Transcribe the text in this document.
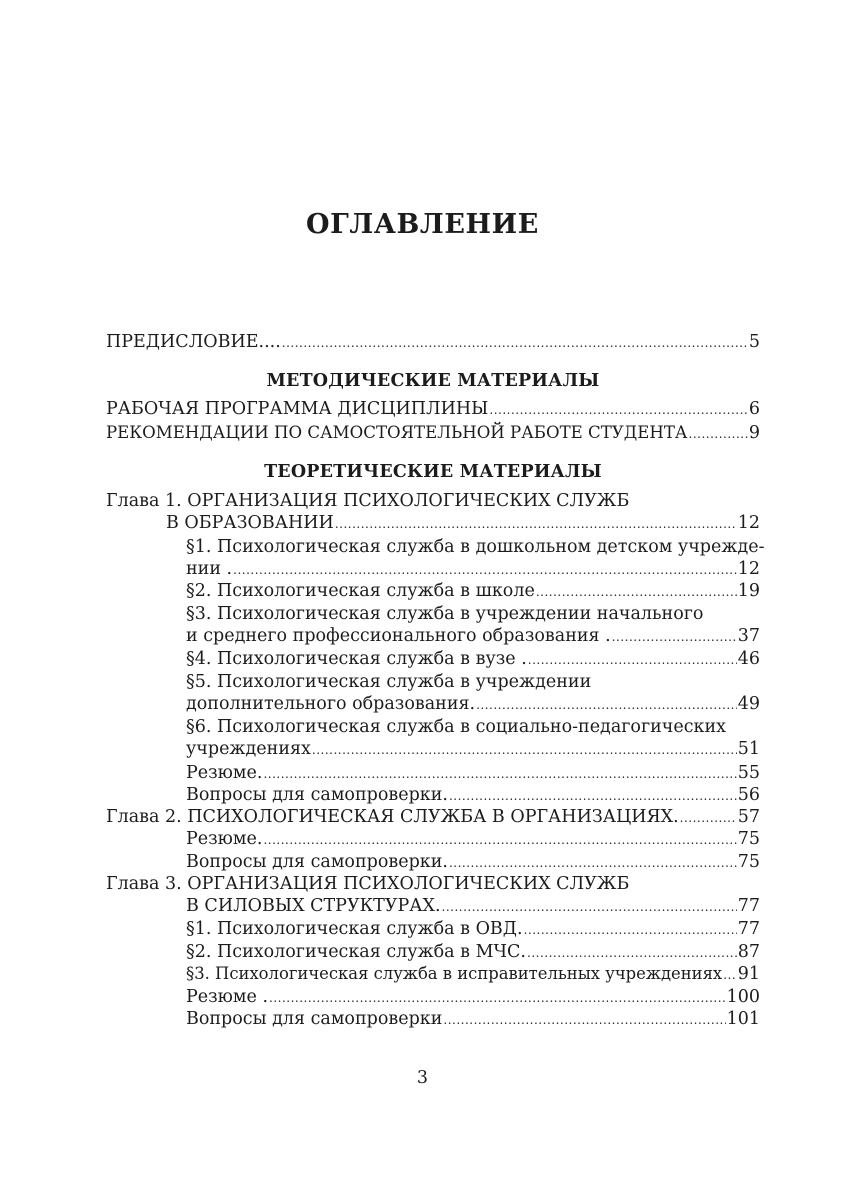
ОГЛАВЛЕНИЕ
ПРЕДИСЛОВИЕ.... .....	5
МЕТОДИЧЕСКИЕ МАТЕРИАЛЫ
РАБОЧАЯ ПРОГРАММА ДИСЦИПЛИНЫ .....	6
РЕКОМЕНДАЦИИ ПО САМОСТОЯТЕЛЬНОЙ РАБОТЕ СТУДЕНТА .....	9
ТЕОРЕТИЧЕСКИЕ МАТЕРИАЛЫ
Глава 1. ОРГАНИЗАЦИЯ ПСИХОЛОГИЧЕСКИХ СЛУЖБ
В ОБРАЗОВАНИИ .....	12
§1. Психологическая служба в дошкольном детском учрежде-
нии . .....	12
§2. Психологическая служба в школе .....	19
§3. Психологическая служба в учреждении начального
и среднего профессионального образования . .....	37
§4. Психологическая служба в вузе . .....	46
§5. Психологическая служба в учреждении
дополнительного образования. .....	49
§6. Психологическая служба в социально-педагогических
учреждениях .....	51
Резюме. .....	55
Вопросы для самопроверки. .....	56
Глава 2. ПСИХОЛОГИЧЕСКАЯ СЛУЖБА В ОРГАНИЗАЦИЯХ. .....	57
Резюме. .....	75
Вопросы для самопроверки. .....	75
Глава 3. ОРГАНИЗАЦИЯ ПСИХОЛОГИЧЕСКИХ СЛУЖБ
В СИЛОВЫХ СТРУКТУРАХ. .....	77
§1. Психологическая служба в ОВД. .....	77
§2. Психологическая служба в МЧС. .....	87
§3. Психологическая служба в исправительных учреждениях ..... 91
Резюме . .....	100
Вопросы для самопроверки .....	101
3
